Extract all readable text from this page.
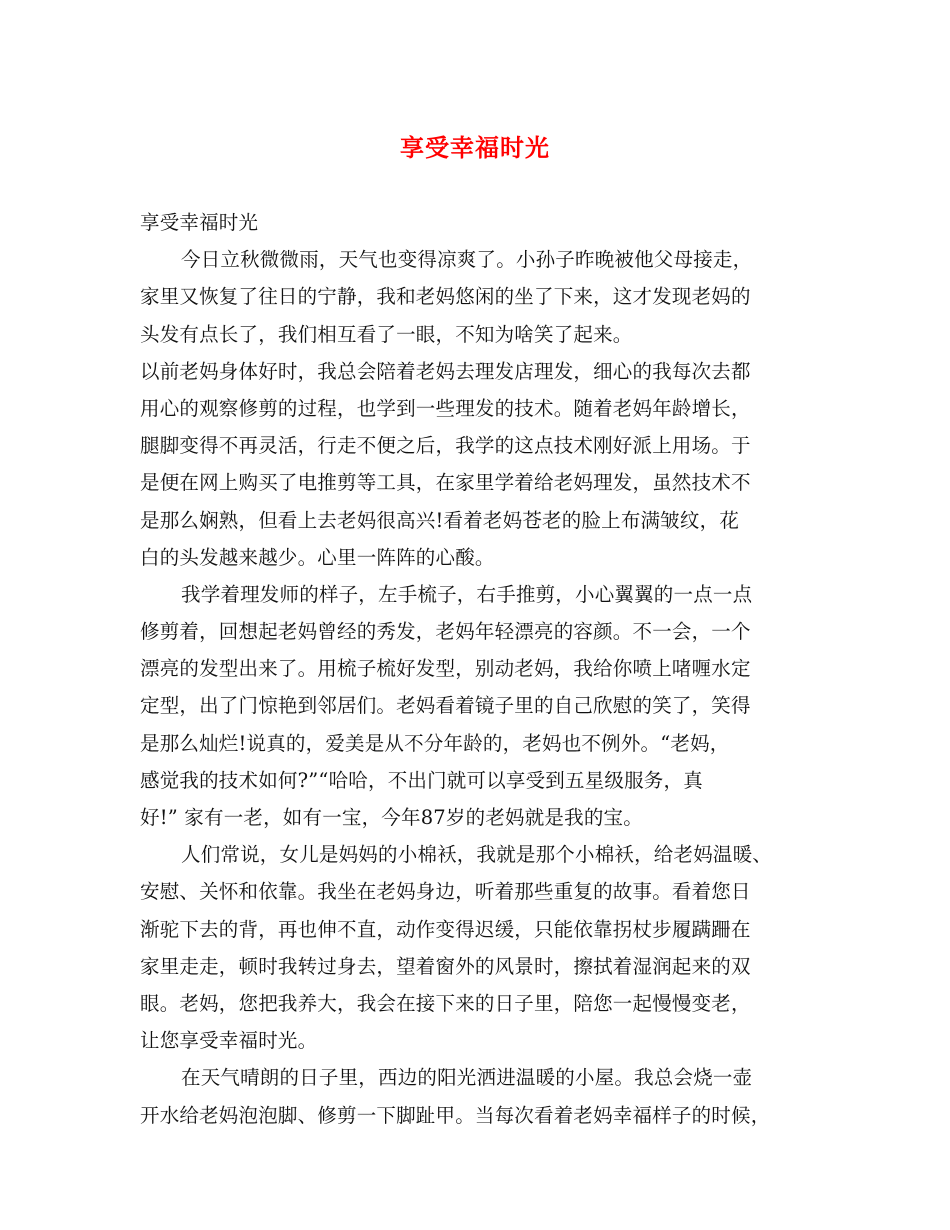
享受幸福时光
享受幸福时光
今日立秋微微雨，天气也变得凉爽了。小孙子昨晚被他父母接走，
家里又恢复了往日的宁静，我和老妈悠闲的坐了下来，这才发现老妈的
头发有点长了，我们相互看了一眼，不知为啥笑了起来。
以前老妈身体好时，我总会陪着老妈去理发店理发，细心的我每次去都
用心的观察修剪的过程，也学到一些理发的技术。随着老妈年龄增长，
腿脚变得不再灵活，行走不便之后，我学的这点技术刚好派上用场。于
是便在网上购买了电推剪等工具，在家里学着给老妈理发，虽然技术不
是那么娴熟，但看上去老妈很高兴!看着老妈苍老的脸上布满皱纹，花
白的头发越来越少。心里一阵阵的心酸。
我学着理发师的样子，左手梳子，右手推剪，小心翼翼的一点一点
修剪着，回想起老妈曾经的秀发，老妈年轻漂亮的容颜。不一会，一个
漂亮的发型出来了。用梳子梳好发型，别动老妈，我给你喷上啫喱水定
定型，出了门惊艳到邻居们。老妈看着镜子里的自己欣慰的笑了，笑得
是那么灿烂!说真的，爱美是从不分年龄的，老妈也不例外。“老妈，
感觉我的技术如何?”“哈哈，不出门就可以享受到五星级服务，真
好!” 家有一老，如有一宝，今年87岁的老妈就是我的宝。
人们常说，女儿是妈妈的小棉袄，我就是那个小棉袄，给老妈温暖、
安慰、关怀和依靠。我坐在老妈身边，听着那些重复的故事。看着您日
渐驼下去的背，再也伸不直，动作变得迟缓，只能依靠拐杖步履蹒跚在
家里走走，顿时我转过身去，望着窗外的风景时，擦拭着湿润起来的双
眼。老妈，您把我养大，我会在接下来的日子里，陪您一起慢慢变老，
让您享受幸福时光。
在天气晴朗的日子里，西边的阳光洒进温暖的小屋。我总会烧一壶
开水给老妈泡泡脚、修剪一下脚趾甲。当每次看着老妈幸福样子的时候，
